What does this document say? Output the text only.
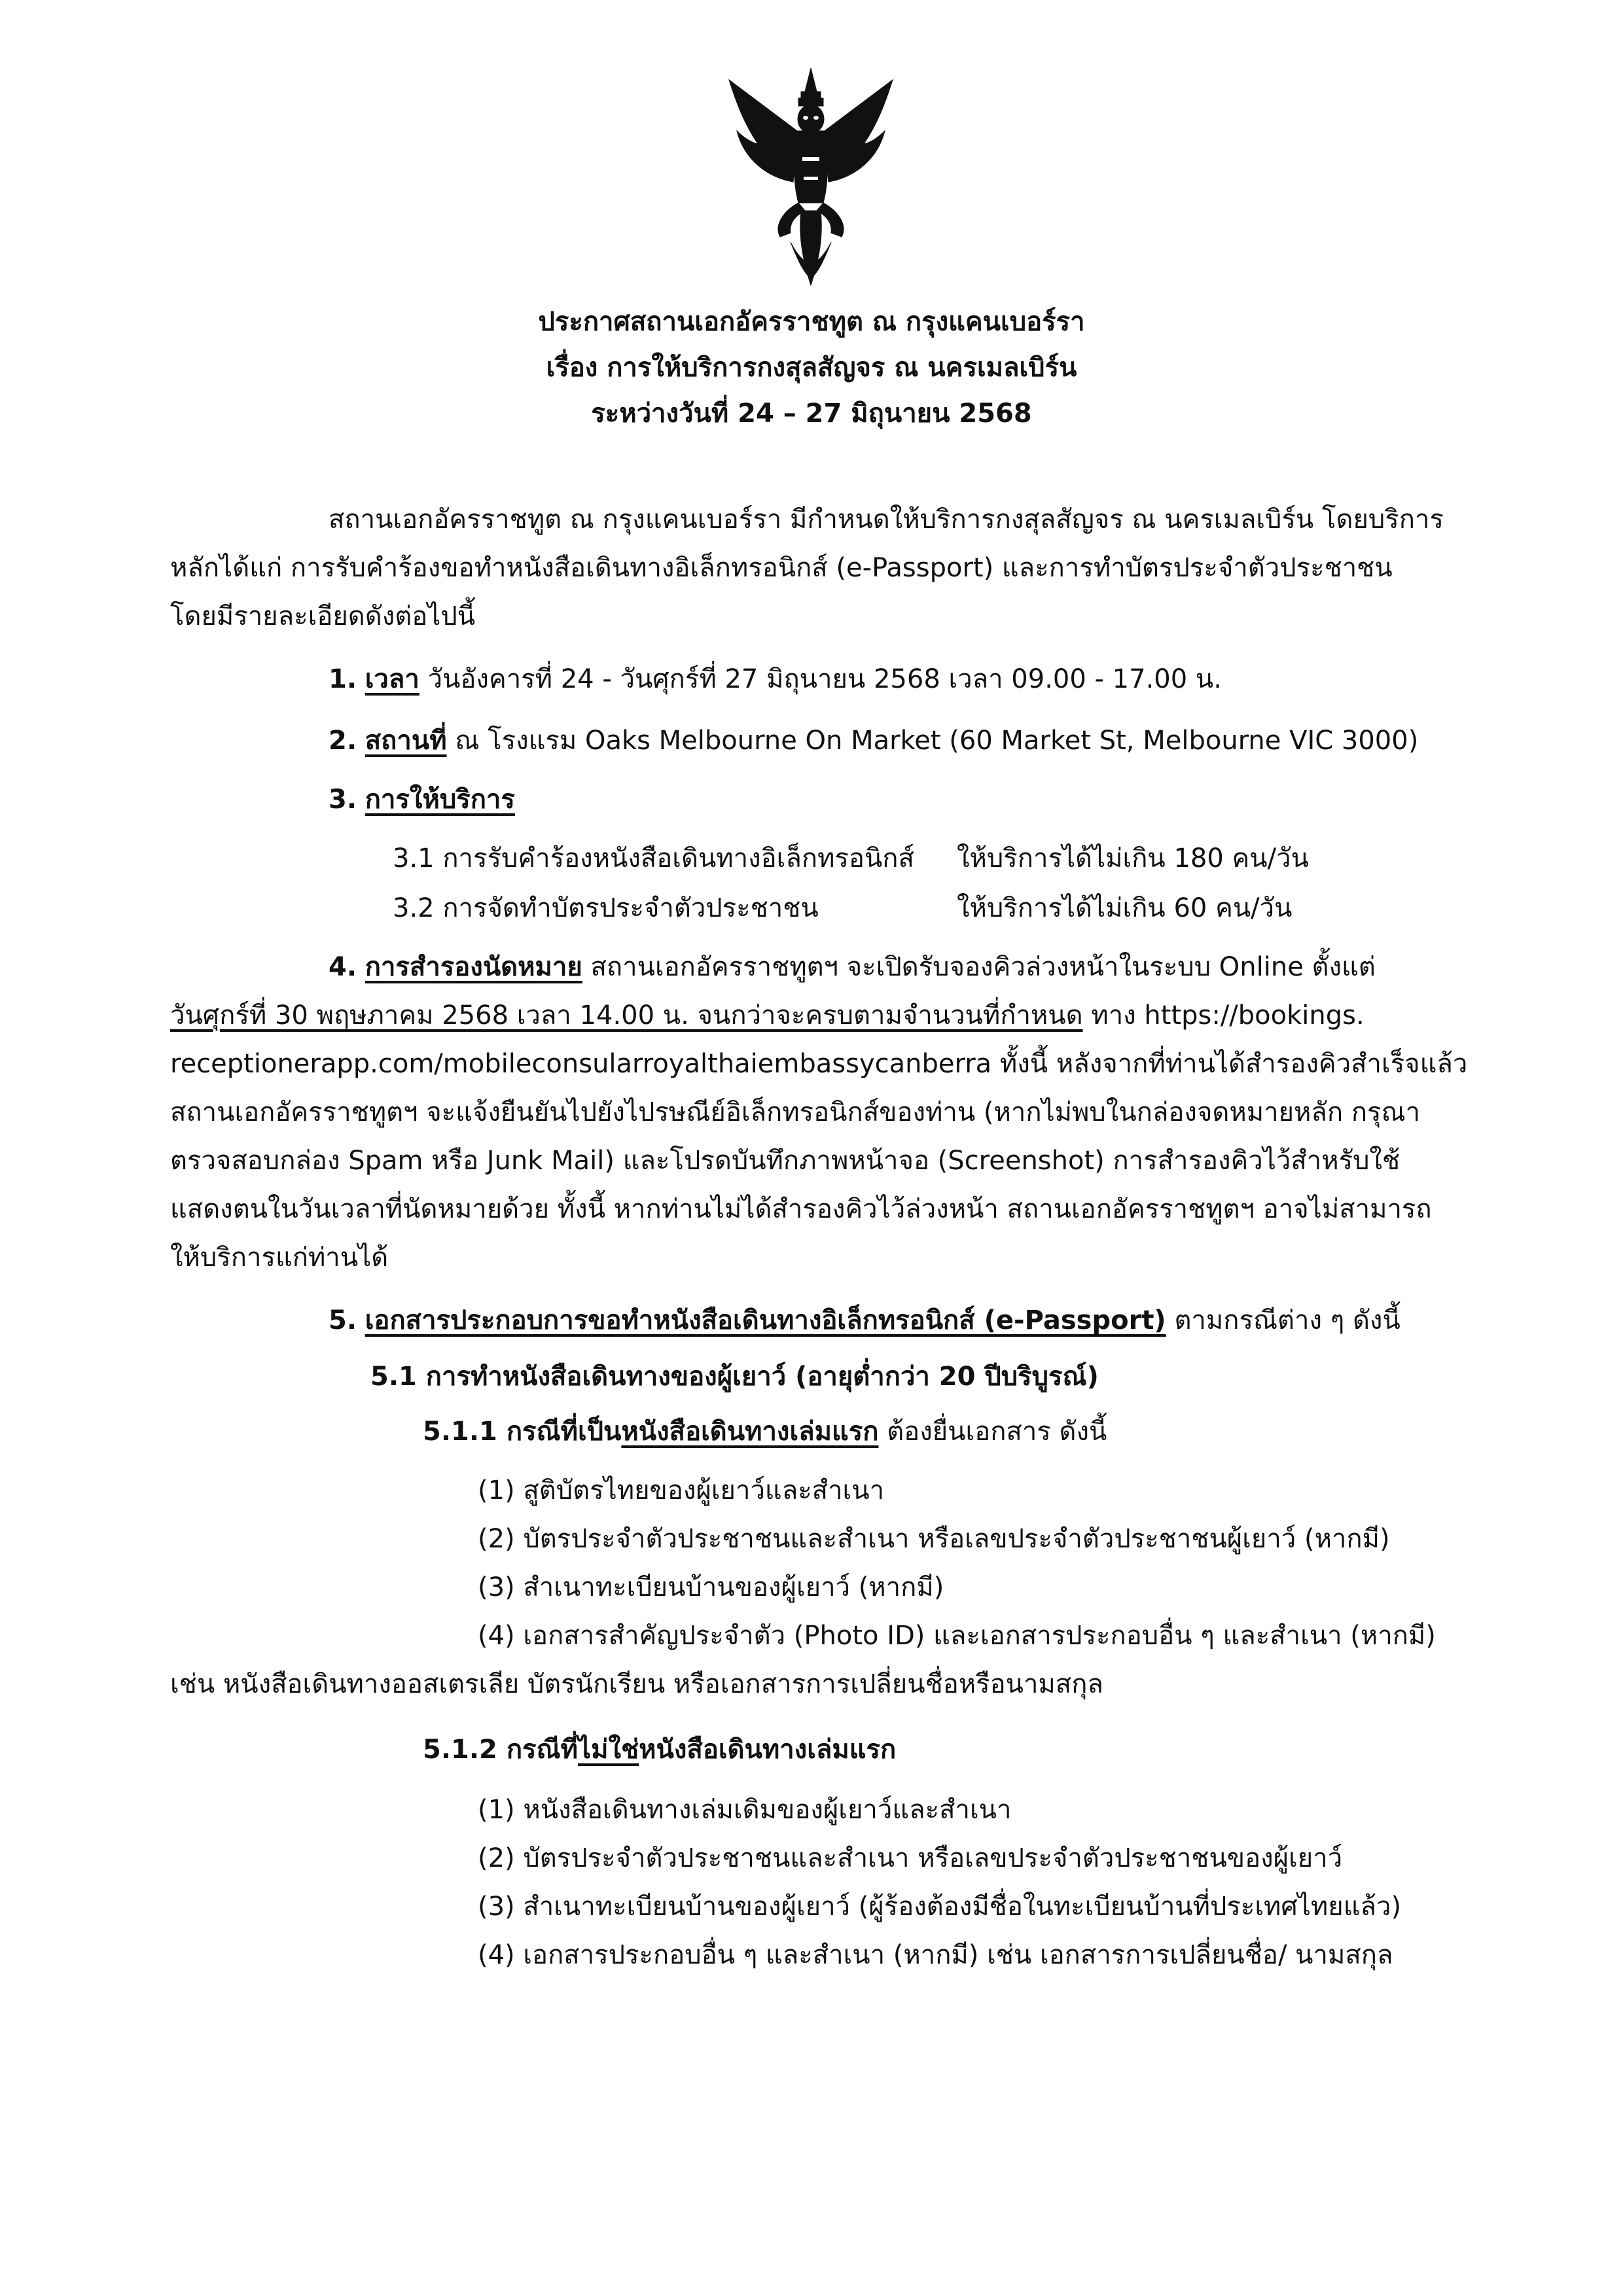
ประกาศสถานเอกอัครราชทูต ณ กรุงแคนเบอร์รา
เรื่อง การให้บริการกงสุลสัญจร ณ นครเมลเบิร์น
ระหว่างวันที่ 24 – 27 มิถุนายน 2568
สถานเอกอัครราชทูต ณ กรุงแคนเบอร์รา มีกำหนดให้บริการกงสุลสัญจร ณ นครเมลเบิร์น โดยบริการ
หลักได้แก่ การรับคำร้องขอทำหนังสือเดินทางอิเล็กทรอนิกส์ (e-Passport) และการทำบัตรประจำตัวประชาชน
โดยมีรายละเอียดดังต่อไปนี้
1. เวลา วันอังคารที่ 24 - วันศุกร์ที่ 27 มิถุนายน 2568 เวลา 09.00 - 17.00 น.
2. สถานที่ ณ โรงแรม Oaks Melbourne On Market (60 Market St, Melbourne VIC 3000)
3. การให้บริการ
3.1 การรับคำร้องหนังสือเดินทางอิเล็กทรอนิกส์ ให้บริการได้ไม่เกิน 180 คน/วัน
3.2 การจัดทำบัตรประจำตัวประชาชน	ให้บริการได้ไม่เกิน 60 คน/วัน
4. การสำรองนัดหมาย สถานเอกอัครราชทูตฯ จะเปิดรับจองคิวล่วงหน้าในระบบ Online ตั้งแต่
วันศุกร์ที่ 30 พฤษภาคม 2568 เวลา 14.00 น. จนกว่าจะครบตามจำนวนที่กำหนด ทาง https://bookings.
receptionerapp.com/mobileconsularroyalthaiembassycanberra ทั้งนี้ หลังจากที่ท่านได้สำรองคิวสำเร็จแล้ว
สถานเอกอัครราชทูตฯ จะแจ้งยืนยันไปยังไปรษณีย์อิเล็กทรอนิกส์ของท่าน (หากไม่พบในกล่องจดหมายหลัก กรุณา
ตรวจสอบกล่อง Spam หรือ Junk Mail) และโปรดบันทึกภาพหน้าจอ (Screenshot) การสำรองคิวไว้สำหรับใช้
แสดงตนในวันเวลาที่นัดหมายด้วย ทั้งนี้ หากท่านไม่ได้สำรองคิวไว้ล่วงหน้า สถานเอกอัครราชทูตฯ อาจไม่สามารถ
ให้บริการแก่ท่านได้
5. เอกสารประกอบการขอทำหนังสือเดินทางอิเล็กทรอนิกส์ (e-Passport) ตามกรณีต่าง ๆ ดังนี้
5.1 การทำหนังสือเดินทางของผู้เยาว์ (อายุต่ำกว่า 20 ปีบริบูรณ์)
5.1.1 กรณีที่เป็นหนังสือเดินทางเล่มแรก ต้องยื่นเอกสาร ดังนี้
(1) สูติบัตรไทยของผู้เยาว์และสำเนา
(2) บัตรประจำตัวประชาชนและสำเนา หรือเลขประจำตัวประชาชนผู้เยาว์ (หากมี)
(3) สำเนาทะเบียนบ้านของผู้เยาว์ (หากมี)
(4) เอกสารสำคัญประจำตัว (Photo ID) และเอกสารประกอบอื่น ๆ และสำเนา (หากมี)
เช่น หนังสือเดินทางออสเตรเลีย บัตรนักเรียน หรือเอกสารการเปลี่ยนชื่อหรือนามสกุล
5.1.2 กรณีที่ไม่ใช่หนังสือเดินทางเล่มแรก
(1) หนังสือเดินทางเล่มเดิมของผู้เยาว์และสำเนา
(2) บัตรประจำตัวประชาชนและสำเนา หรือเลขประจำตัวประชาชนของผู้เยาว์
(3) สำเนาทะเบียนบ้านของผู้เยาว์ (ผู้ร้องต้องมีชื่อในทะเบียนบ้านที่ประเทศไทยแล้ว)
(4) เอกสารประกอบอื่น ๆ และสำเนา (หากมี) เช่น เอกสารการเปลี่ยนชื่อ/ นามสกุล
